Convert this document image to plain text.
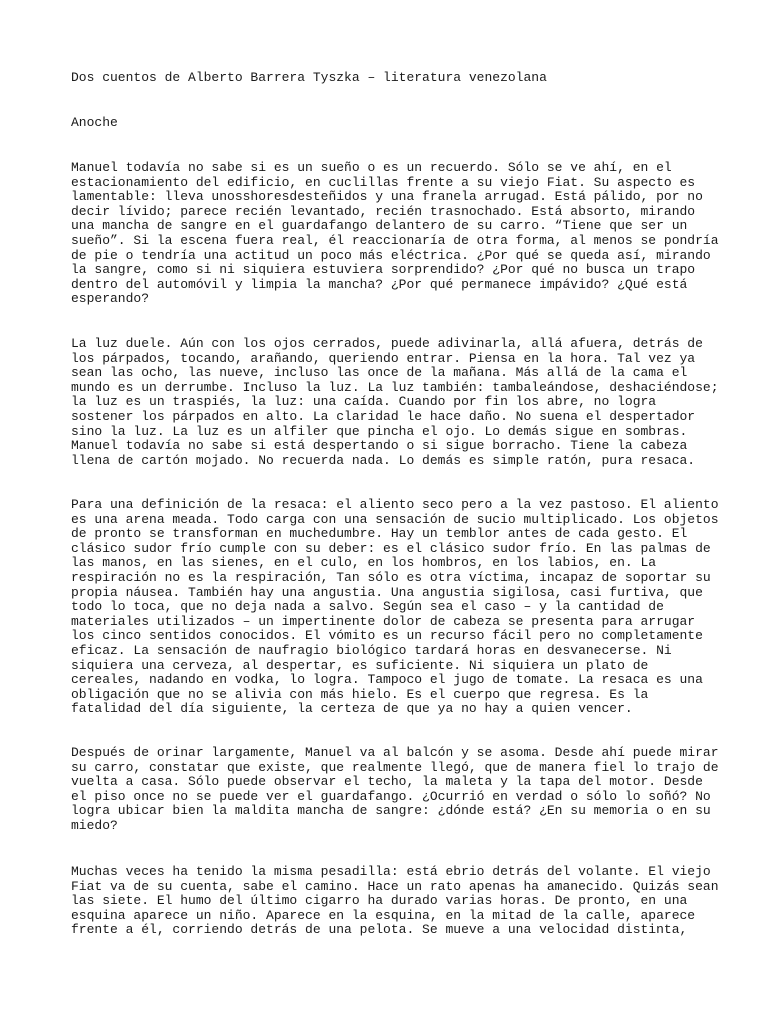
Dos cuentos de Alberto Barrera Tyszka – literatura venezolana

Anoche

Manuel todavía no sabe si es un sueño o es un recuerdo. Sólo se ve ahí, en el
estacionamiento del edificio, en cuclillas frente a su viejo Fiat. Su aspecto es
lamentable: lleva unosshoresdesteñidos y una franela arrugad. Está pálido, por no
decir lívido; parece recién levantado, recién trasnochado. Está absorto, mirando
una mancha de sangre en el guardafango delantero de su carro. “Tiene que ser un
sueño”. Si la escena fuera real, él reaccionaría de otra forma, al menos se pondría
de pie o tendría una actitud un poco más eléctrica. ¿Por qué se queda así, mirando
la sangre, como si ni siquiera estuviera sorprendido? ¿Por qué no busca un trapo
dentro del automóvil y limpia la mancha? ¿Por qué permanece impávido? ¿Qué está
esperando?

La luz duele. Aún con los ojos cerrados, puede adivinarla, allá afuera, detrás de
los párpados, tocando, arañando, queriendo entrar. Piensa en la hora. Tal vez ya
sean las ocho, las nueve, incluso las once de la mañana. Más allá de la cama el
mundo es un derrumbe. Incluso la luz. La luz también: tambaleándose, deshaciéndose;
la luz es un traspiés, la luz: una caída. Cuando por fin los abre, no logra
sostener los párpados en alto. La claridad le hace daño. No suena el despertador
sino la luz. La luz es un alfiler que pincha el ojo. Lo demás sigue en sombras.
Manuel todavía no sabe si está despertando o si sigue borracho. Tiene la cabeza
llena de cartón mojado. No recuerda nada. Lo demás es simple ratón, pura resaca.

Para una definición de la resaca: el aliento seco pero a la vez pastoso. El aliento
es una arena meada. Todo carga con una sensación de sucio multiplicado. Los objetos
de pronto se transforman en muchedumbre. Hay un temblor antes de cada gesto. El
clásico sudor frío cumple con su deber: es el clásico sudor frío. En las palmas de
las manos, en las sienes, en el culo, en los hombros, en los labios, en. La
respiración no es la respiración, Tan sólo es otra víctima, incapaz de soportar su
propia náusea. También hay una angustia. Una angustia sigilosa, casi furtiva, que
todo lo toca, que no deja nada a salvo. Según sea el caso – y la cantidad de
materiales utilizados – un impertinente dolor de cabeza se presenta para arrugar
los cinco sentidos conocidos. El vómito es un recurso fácil pero no completamente
eficaz. La sensación de naufragio biológico tardará horas en desvanecerse. Ni
siquiera una cerveza, al despertar, es suficiente. Ni siquiera un plato de
cereales, nadando en vodka, lo logra. Tampoco el jugo de tomate. La resaca es una
obligación que no se alivia con más hielo. Es el cuerpo que regresa. Es la
fatalidad del día siguiente, la certeza de que ya no hay a quien vencer.

Después de orinar largamente, Manuel va al balcón y se asoma. Desde ahí puede mirar
su carro, constatar que existe, que realmente llegó, que de manera fiel lo trajo de
vuelta a casa. Sólo puede observar el techo, la maleta y la tapa del motor. Desde
el piso once no se puede ver el guardafango. ¿Ocurrió en verdad o sólo lo soñó? No
logra ubicar bien la maldita mancha de sangre: ¿dónde está? ¿En su memoria o en su
miedo?

Muchas veces ha tenido la misma pesadilla: está ebrio detrás del volante. El viejo
Fiat va de su cuenta, sabe el camino. Hace un rato apenas ha amanecido. Quizás sean
las siete. El humo del último cigarro ha durado varias horas. De pronto, en una
esquina aparece un niño. Aparece en la esquina, en la mitad de la calle, aparece
frente a él, corriendo detrás de una pelota. Se mueve a una velocidad distinta,
